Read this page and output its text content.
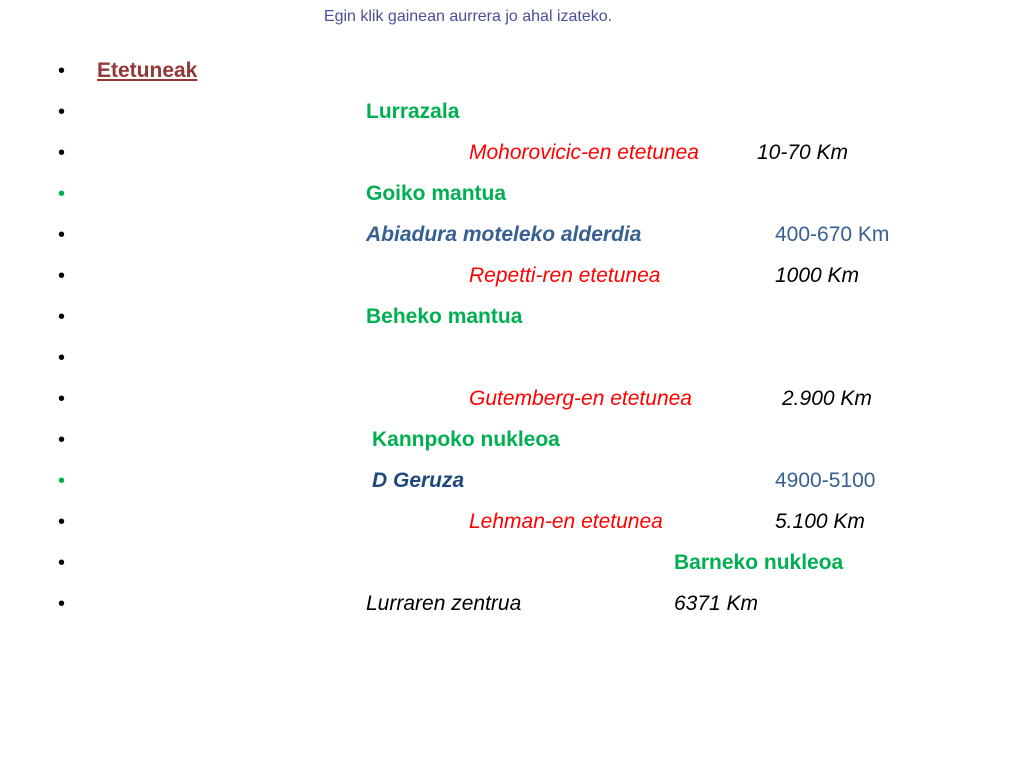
Egin klik gainean aurrera jo ahal izateko.
• Etetuneak
•	Lurrazala
•	Mohorovicic-en etetunea	10-70 Km
•	Goiko mantua
•	Abiadura moteleko alderdia	400-670 Km
•	Repetti-ren etetunea	1000 Km
•	Beheko mantua
•
•	Gutemberg-en etetunea	2.900 Km
•	Kannpoko nukleoa
•	D Geruza	4900-5100
•	Lehman-en etetunea	5.100 Km
•	Barneko nukleoa
•	Lurraren zentrua	6371 Km
